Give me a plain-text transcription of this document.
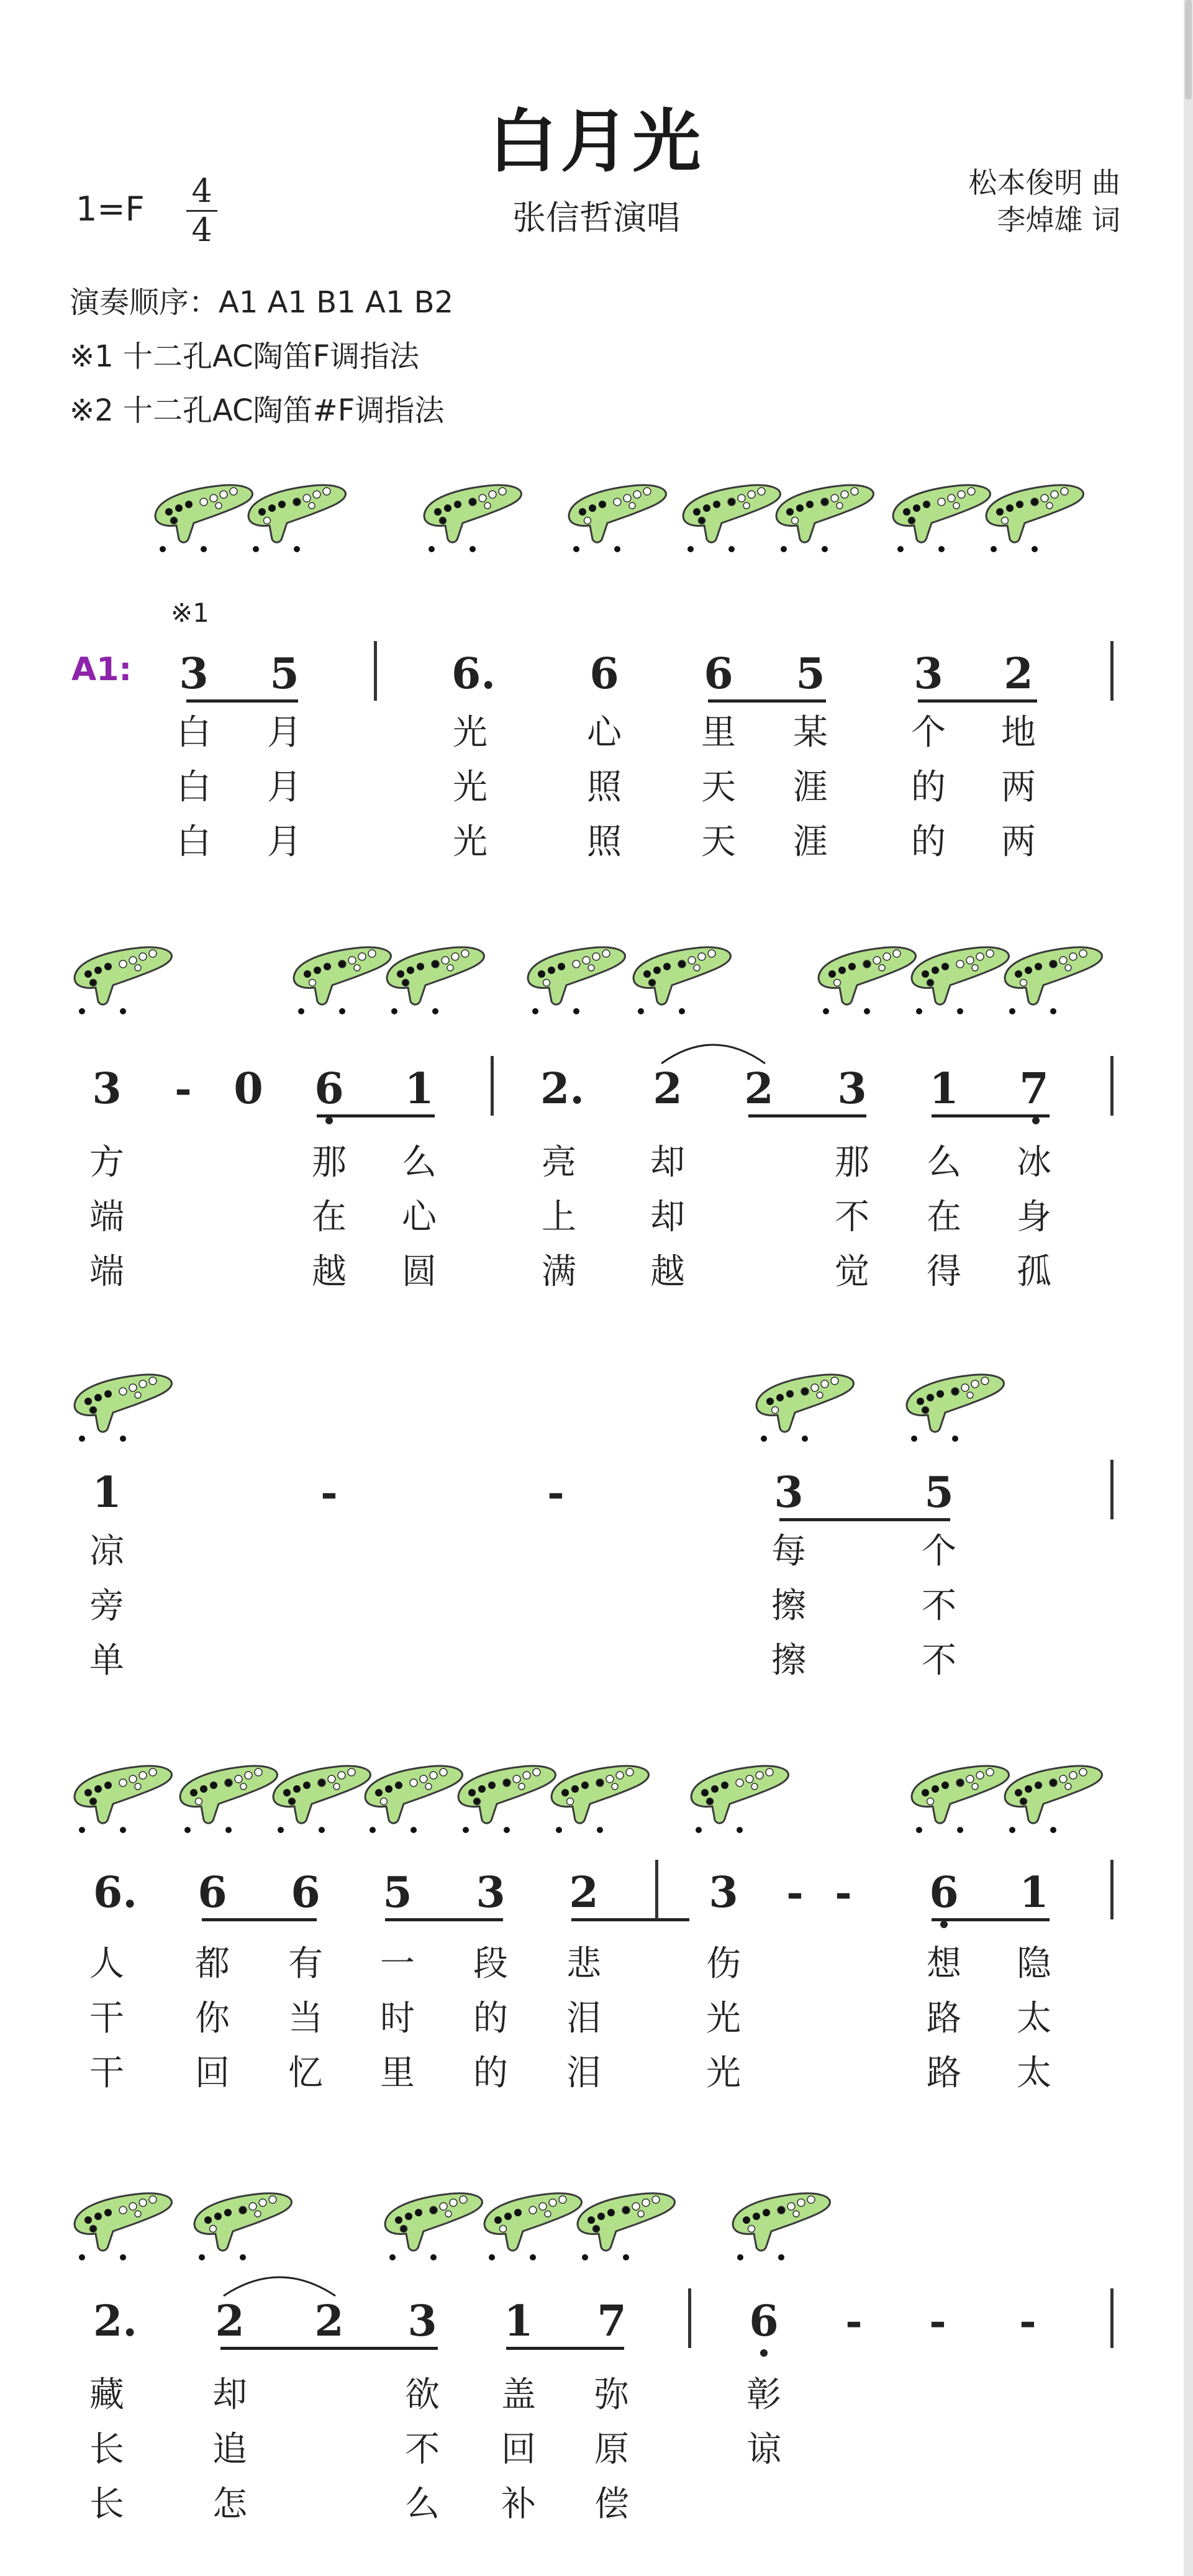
白月光
1=F 4
4	张信哲演唱
松本俊明 曲
李焯雄 词
演奏顺序：A1 A1 B1 A1 B2
※1 十二孔AC陶笛F调指法
※2 十二孔AC陶笛#F调指法
※1
A1: 3 5	6. 6 6 5 3 2
白 月	光	心 里 某 个 地
白 月	光	照 天 涯 的 两
白 月	光	照 天 涯 的 两
3 - 0 6 1	2. 2 2 3 1 7
方	那 么	亮 却	那 么 冰
端	在 心	上 却	不 在 身
端	越 圆	满 越	觉 得 孤
1	-	-	3	5
凉	每	个
旁	擦	不
单	擦	不
6. 6 6 5 3 2	3 - - 6 1
人 都 有 一 段 悲	伤	想 隐
干 你 当 时 的 泪	光	路 太
干 回 忆 里 的 泪	光	路 太
2. 2 2 3 1 7	6 - - -
藏	却	欲 盖 弥	彰
长	追	不 回 原	谅
长	怎	么 补 偿
